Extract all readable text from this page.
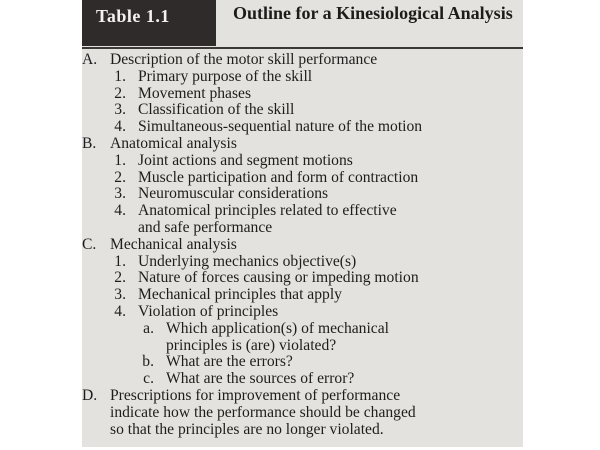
Table 1.1	Outline for a Kinesiological Analysis
A. Description of the motor skill performance
1. Primary purpose of the skill
2. Movement phases
3. Classification of the skill
4. Simultaneous-sequential nature of the motion
B. Anatomical analysis
1. Joint actions and segment motions
2. Muscle participation and form of contraction
3. Neuromuscular considerations
4. Anatomical principles related to effective
and safe performance
C. Mechanical analysis
1. Underlying mechanics objective(s)
2. Nature of forces causing or impeding motion
3. Mechanical principles that apply
4. Violation of principles
a. Which application(s) of mechanical
principles is (are) violated?
b. What are the errors?
c. What are the sources of error?
D. Prescriptions for improvement of performance
indicate how the performance should be changed
so that the principles are no longer violated.
